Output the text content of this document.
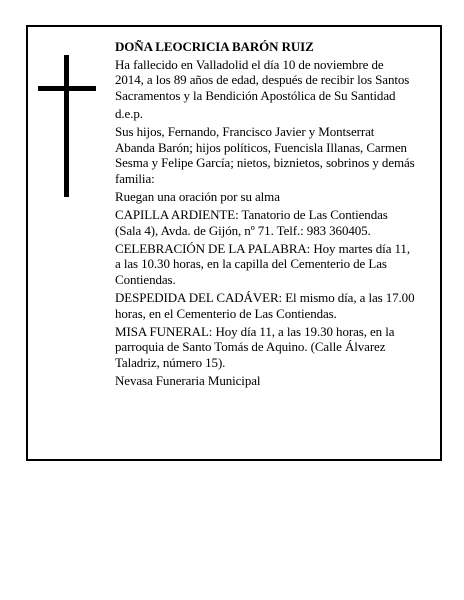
DOÑA LEOCRICIA BARÓN RUIZ

Ha fallecido en Valladolid el día 10 de noviembre de 2014, a los 89 años de edad, después de recibir los Santos Sacramentos y la Bendición Apostólica de Su Santidad

d.e.p.

Sus hijos, Fernando, Francisco Javier y Montserrat Abanda Barón; hijos políticos, Fuencisla Illanas, Carmen Sesma y Felipe García; nietos, biznietos, sobrinos y demás familia:

Ruegan una oración por su alma

CAPILLA ARDIENTE: Tanatorio de Las Contiendas (Sala 4), Avda. de Gijón, nº 71. Telf.: 983 360405.

CELEBRACIÓN DE LA PALABRA: Hoy martes día 11, a las 10.30 horas, en la capilla del Cementerio de Las Contiendas.

DESPEDIDA DEL CADÁVER: El mismo día, a las 17.00 horas, en el Cementerio de Las Contiendas.

MISA FUNERAL: Hoy día 11, a las 19.30 horas, en la parroquia de Santo Tomás de Aquino. (Calle Álvarez Taladriz, número 15).

Nevasa Funeraria Municipal
